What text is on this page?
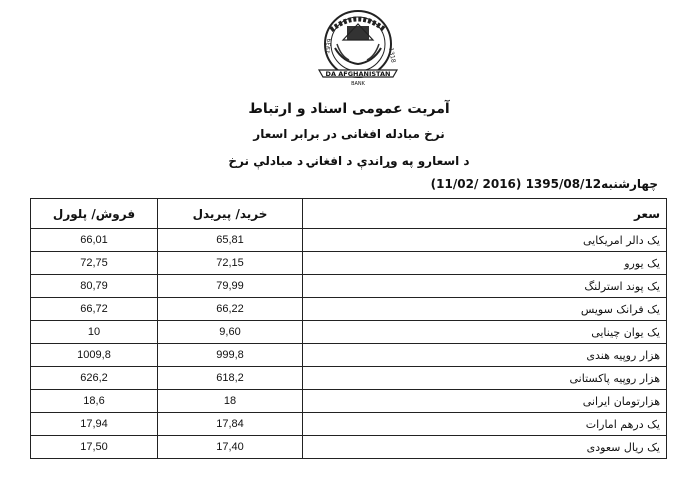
1939
1318
DA AFGHANISTAN
BANK
آمریت عمومی اسناد و ارتباط
نرخ مبادله افغانی در برابر اسعار
د اسعارو په وړاندې د افغانۍ د مبادلې نرخ
چهارشنبه1395/08/12 (2016 /11/02)
فروش/ پلورل	خرید/ پیریدل	سعر
66,01	65,81	یک دالر امریکایی
72,75	72,15	یک یورو
80,79	79,99	یک پوند استرلنگ
66,72	66,22	یک فرانک سویس
10	9,60	یک یوان چینایی
1009,8	999,8	هزار روپیه هندی
626,2	618,2	هزار روپیه پاکستانی
18,6	18	هزارتومان ایرانی
17,94	17,84	یک درهم امارات
17,50	17,40	یک ریال سعودی
